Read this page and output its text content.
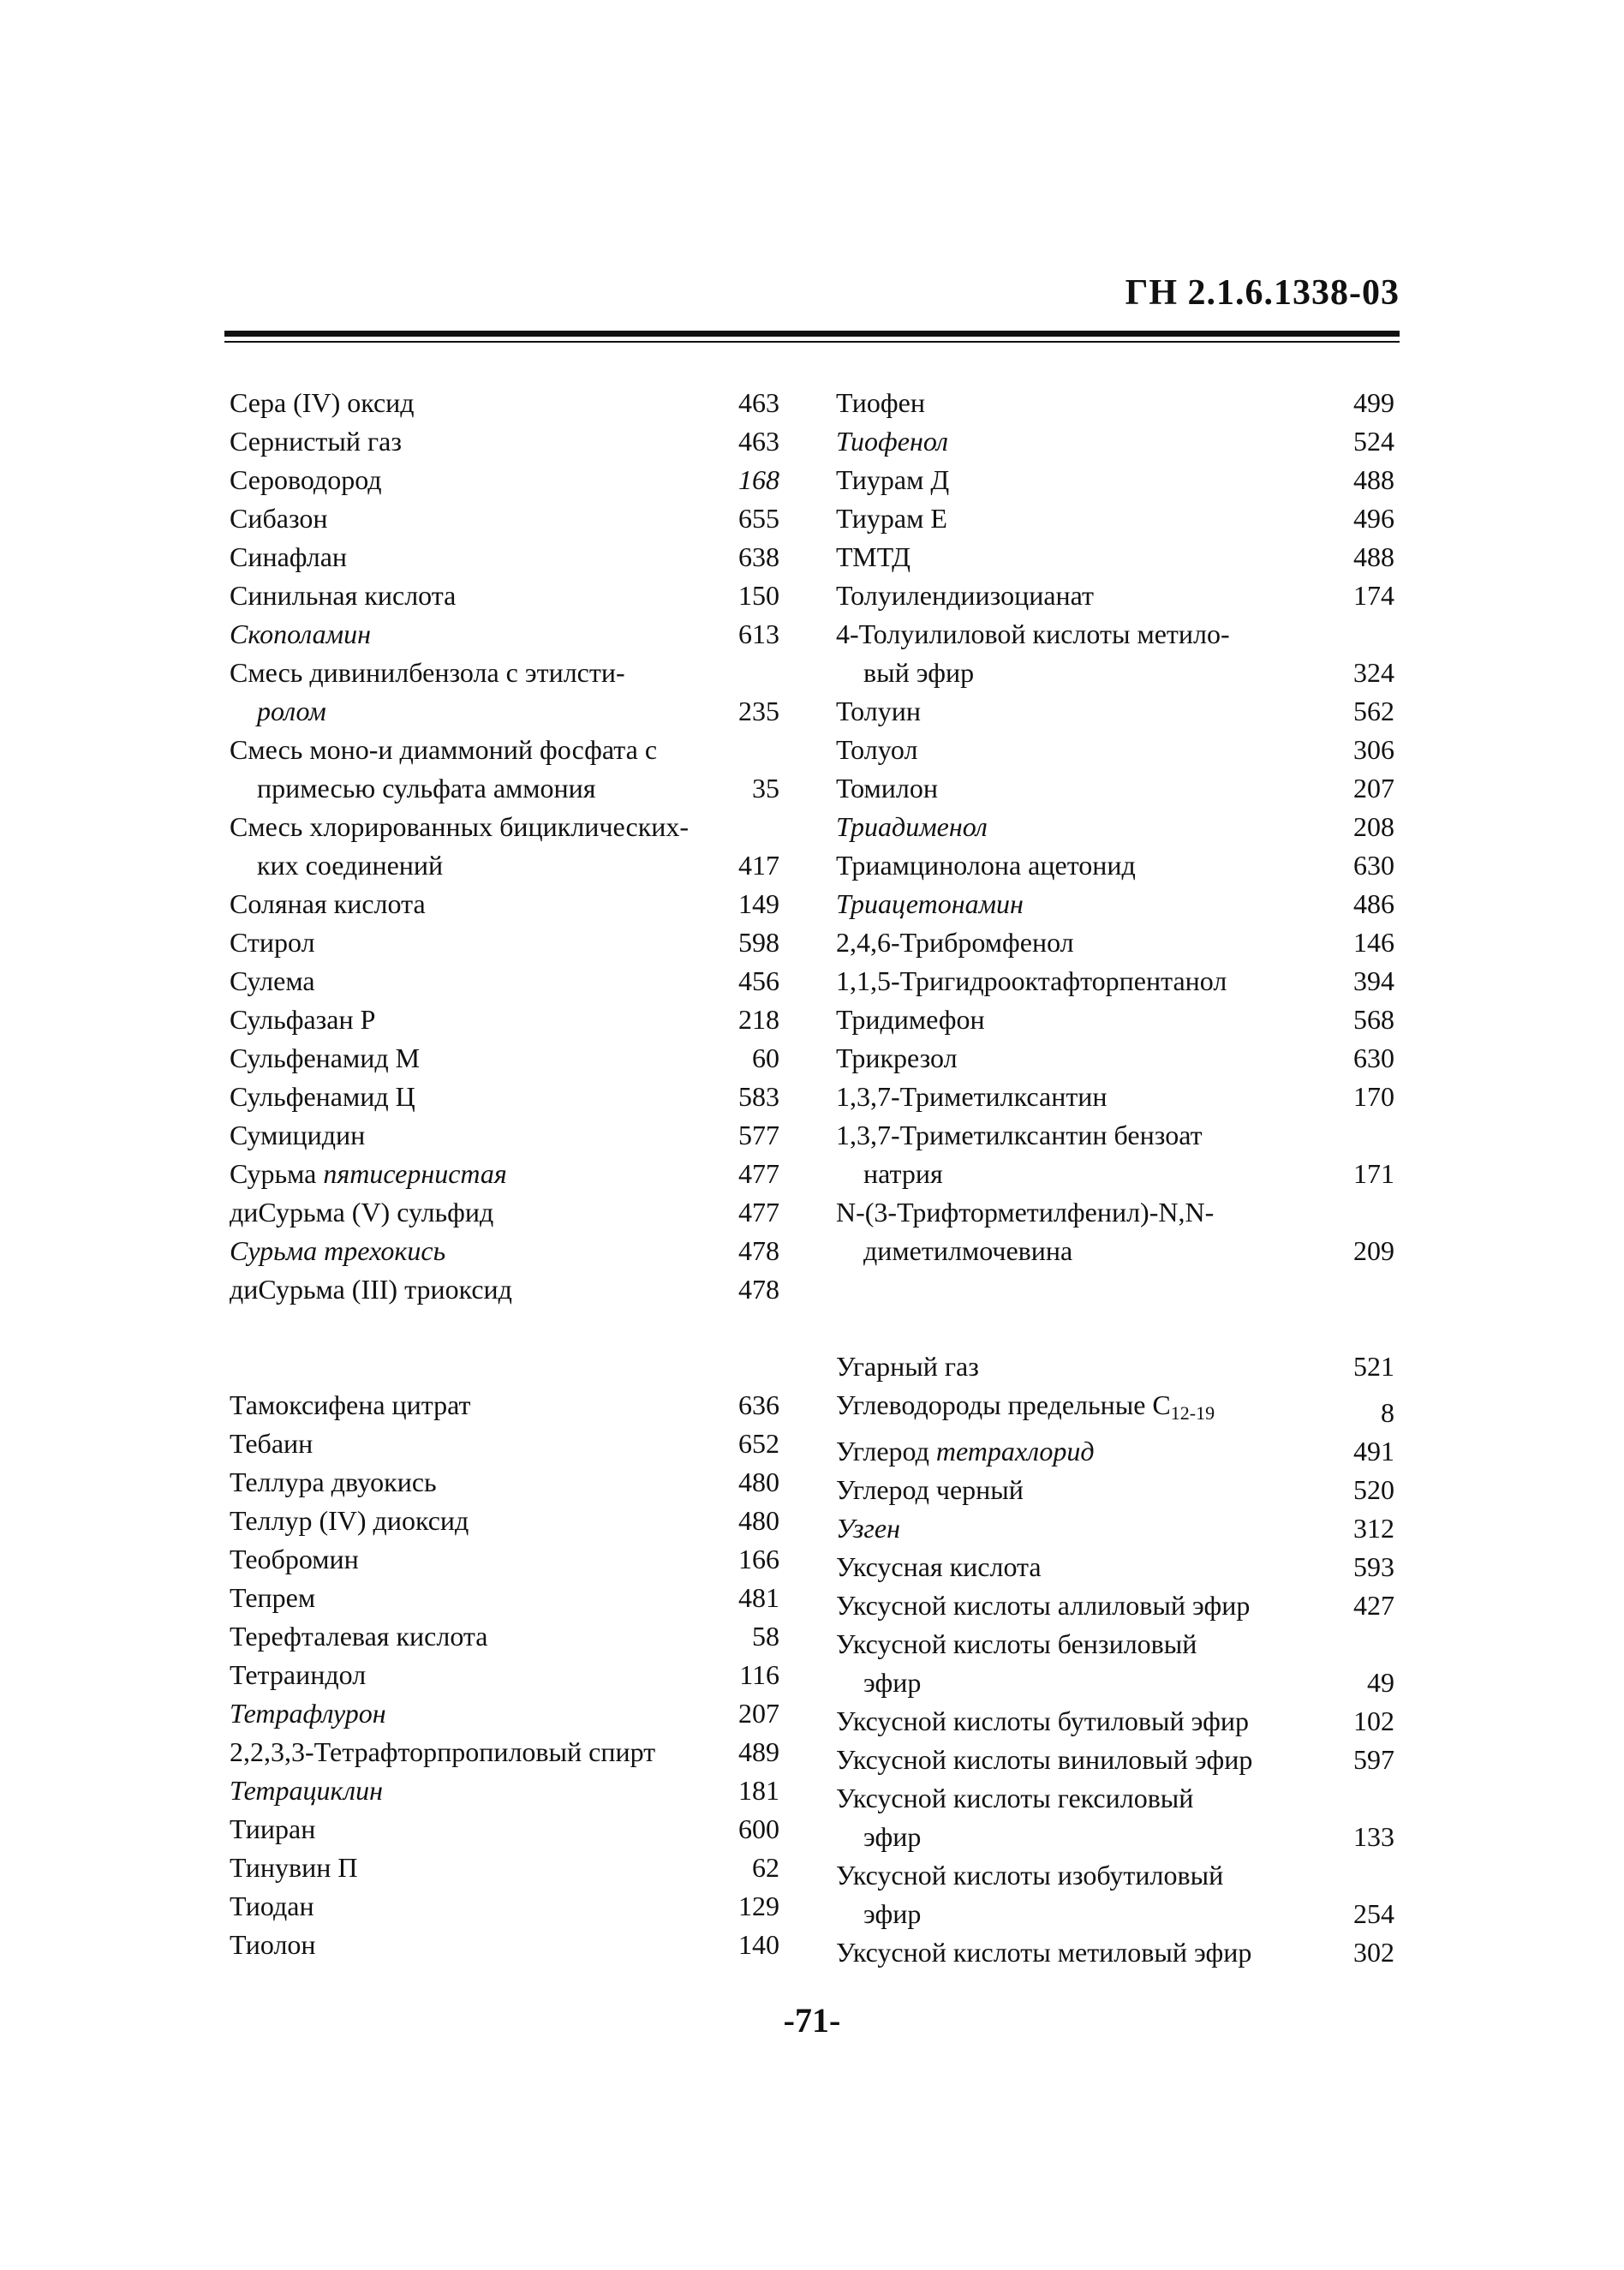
ГН 2.1.6.1338-03
Сера (IV) оксид	463
Сернистый газ	463
Сероводород	168
Сибазон	655
Синафлан	638
Синильная кислота	150
Скополамин	613
Смесь дивинилбензола с этилсти-
ролом	235
Смесь моно-и диаммоний фосфата с
примесью сульфата аммония	35
Смесь хлорированных бициклических-
ких соединений	417
Соляная кислота	149
Стирол	598
Сулема	456
Сульфазан Р	218
Сульфенамид М	60
Сульфенамид Ц	583
Сумицидин	577
Сурьма пятисернистая	477
диСурьма (V) сульфид	477
Сурьма трехокись	478
диСурьма (III) триоксид	478
Тамоксифена цитрат	636
Тебаин	652
Теллура двуокись	480
Теллур (IV) диоксид	480
Теобромин	166
Тепрем	481
Терефталевая кислота	58
Тетраиндол	116
Тетрафлурон	207
2,2,3,3-Тетрафторпропиловый спирт	489
Тетрациклин	181
Тииран	600
Тинувин П	62
Тиодан	129
Тиолон	140
Тиофен	499
Тиофенол	524
Тиурам Д	488
Тиурам Е	496
ТМТД	488
Толуилендиизоцианат	174
4-Толуилиловой кислоты метило-
вый эфир	324
Толуин	562
Толуол	306
Томилон	207
Триадименол	208
Триамцинолона ацетонид	630
Триацетонамин	486
2,4,6-Трибромфенол	146
1,1,5-Тригидрооктафторпентанол	394
Тридимефон	568
Трикрезол	630
1,3,7-Триметилксантин	170
1,3,7-Триметилксантин бензоат
натрия	171
N-(3-Трифторметилфенил)-N,N-
диметилмочевина	209
Угарный газ	521
Углеводороды предельные $C_{12-19}$	8
Углерод тетрахлорид	491
Углерод черный	520
Узген	312
Уксусная кислота	593
Уксусной кислоты аллиловый эфир	427
Уксусной кислоты бензиловый
эфир	49
Уксусной кислоты бутиловый эфир	102
Уксусной кислоты виниловый эфир	597
Уксусной кислоты гексиловый
эфир	133
Уксусной кислоты изобутиловый
эфир	254
Уксусной кислоты метиловый эфир	302
-71-
